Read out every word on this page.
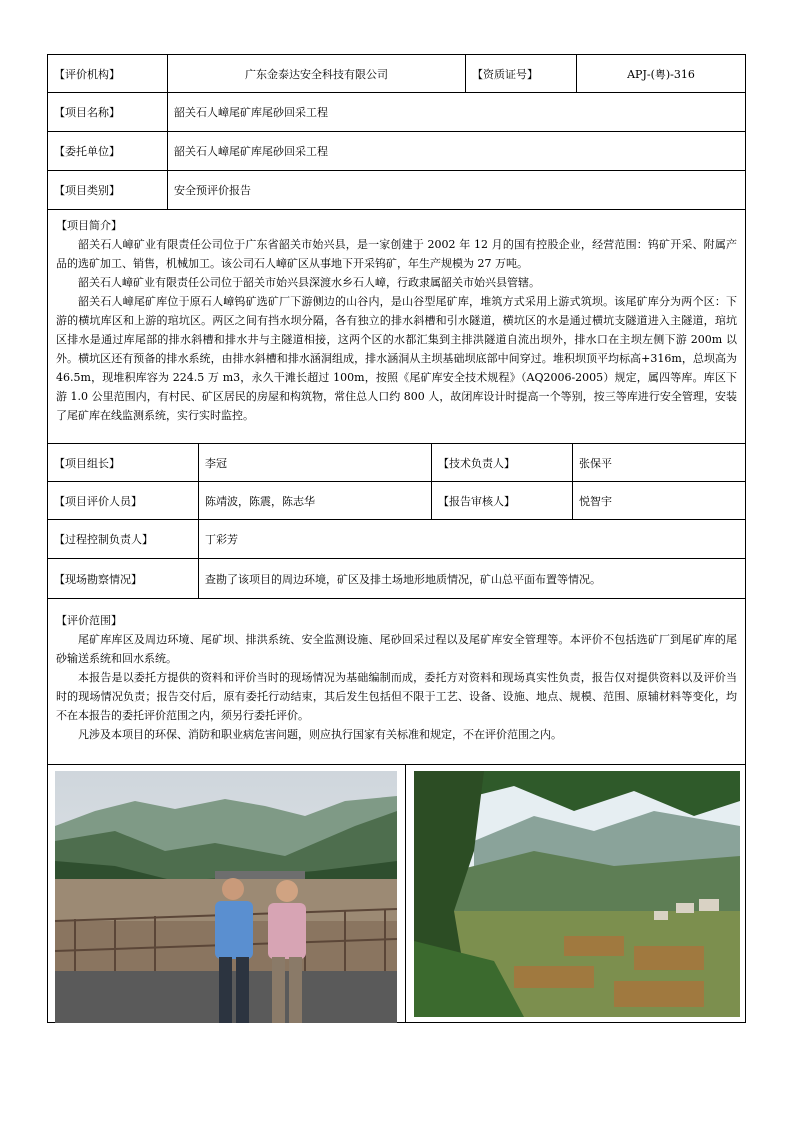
【评价机构】	广东金泰达安全科技有限公司	【资质证号】	APJ-(粤)-316
【项目名称】	韶关石人嶂尾矿库尾砂回采工程
【委托单位】	韶关石人嶂尾矿库尾砂回采工程
【项目类别】	安全预评价报告

【项目简介】

韶关石人嶂矿业有限责任公司位于广东省韶关市始兴县，是一家创建于 2002 年 12 月的国有控股企业，经营范围：钨矿开采、附属产品的选矿加工、销售，机械加工。该公司石人嶂矿区从事地下开采钨矿，年生产规模为 27 万吨。

韶关石人嶂矿业有限责任公司位于韶关市始兴县深渡水乡石人嶂，行政隶属韶关市始兴县管辖。

韶关石人嶂尾矿库位于原石人嶂钨矿选矿厂下游侧边的山谷内，是山谷型尾矿库，堆筑方式采用上游式筑坝。该尾矿库分为两个区：下游的横坑库区和上游的琯坑区。两区之间有挡水坝分隔，各有独立的排水斜槽和引水隧道，横坑区的水是通过横坑支隧道进入主隧道，琯坑区排水是通过库尾部的排水斜槽和排水井与主隧道相接，这两个区的水都汇集到主排洪隧道自流出坝外，排水口在主坝左侧下游 200m 以外。横坑区还有预备的排水系统，由排水斜槽和排水涵洞组成，排水涵洞从主坝基础坝底部中间穿过。堆积坝顶平均标高+316m，总坝高为 46.5m，现堆积库容为 224.5 万 m3，永久干滩长超过 100m，按照《尾矿库安全技术规程》（AQ2006-2005）规定，属四等库。库区下游 1.0 公里范围内，有村民、矿区居民的房屋和构筑物，常住总人口约 800 人，故闭库设计时提高一个等别，按三等库进行安全管理，安装了尾矿库在线监测系统，实行实时监控。

【项目组长】	李冠	【技术负责人】	张保平
【项目评价人员】	陈靖波，陈震，陈志华	【报告审核人】	悦智宇
【过程控制负责人】	丁彩芳
【现场勘察情况】	查勘了该项目的周边环境，矿区及排土场地形地质情况，矿山总平面布置等情况。

【评价范围】

尾矿库库区及周边环境、尾矿坝、排洪系统、安全监测设施、尾砂回采过程以及尾矿库安全管理等。本评价不包括选矿厂到尾矿库的尾砂输送系统和回水系统。

本报告是以委托方提供的资料和评价当时的现场情况为基础编制而成，委托方对资料和现场真实性负责，报告仅对提供资料以及评价当时的现场情况负责；报告交付后，原有委托行动结束，其后发生包括但不限于工艺、设备、设施、地点、规模、范围、原辅材料等变化，均不在本报告的委托评价范围之内，须另行委托评价。

凡涉及本项目的环保、消防和职业病危害问题，则应执行国家有关标准和规定，不在评价范围之内。
